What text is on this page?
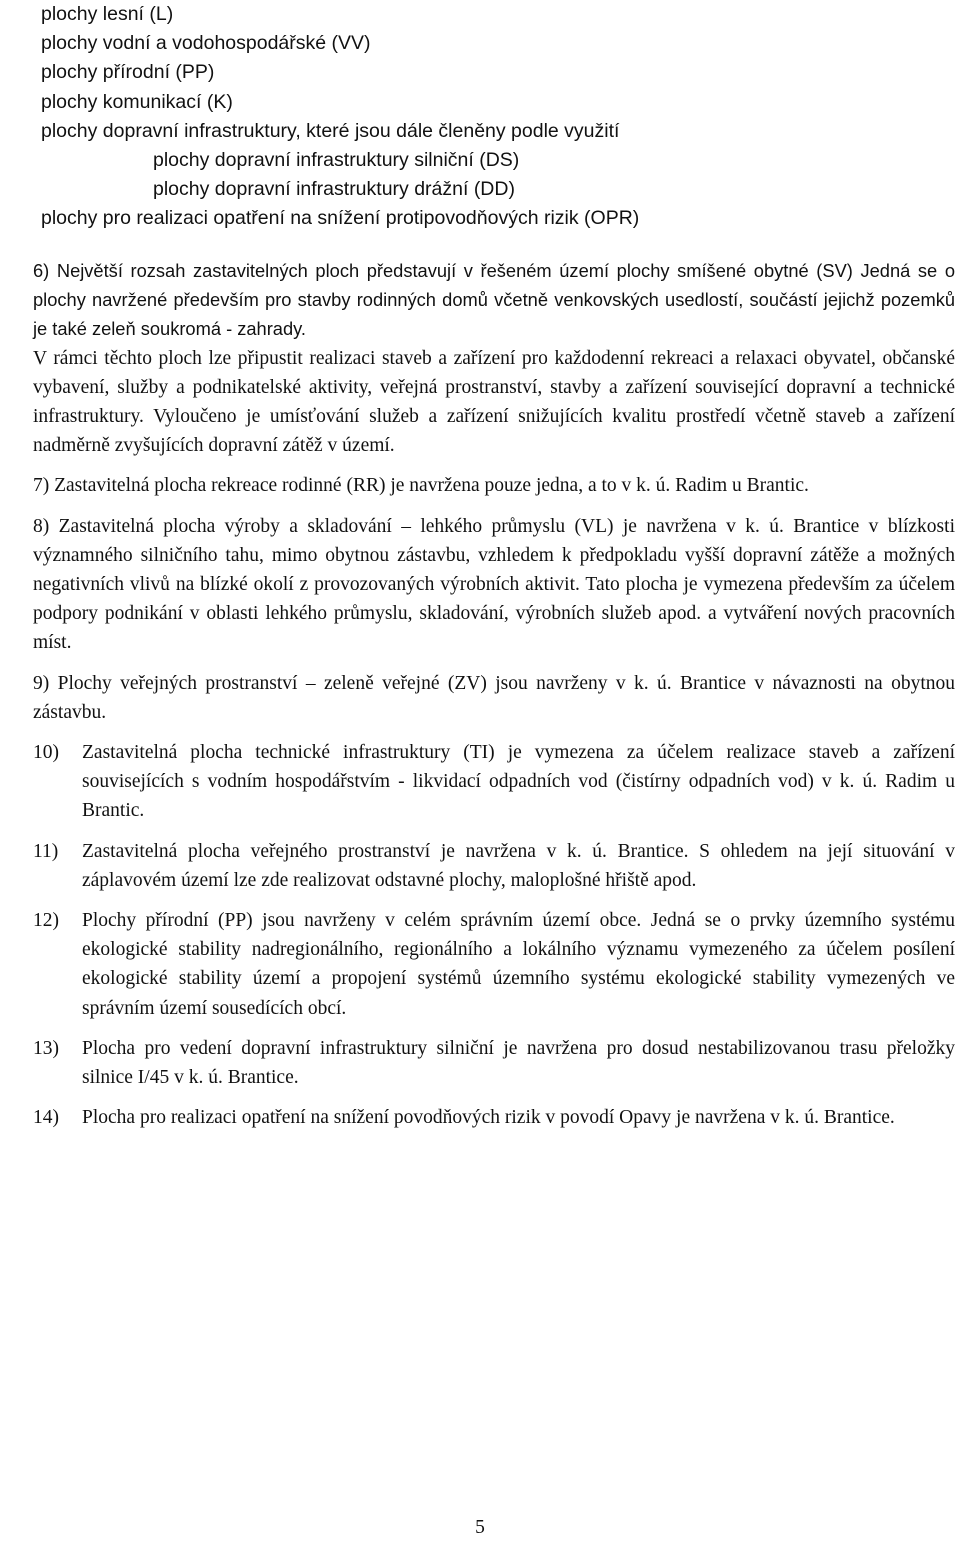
plochy lesní (L)
plochy vodní a vodohospodářské (VV)
plochy přírodní (PP)
plochy komunikací (K)
plochy dopravní infrastruktury, které jsou dále členěny podle využití
plochy dopravní infrastruktury silniční (DS)
plochy dopravní infrastruktury drážní (DD)
plochy pro realizaci opatření na snížení protipovodňových rizik (OPR)
6) Největší rozsah zastavitelných ploch představují v řešeném území plochy smíšené obytné (SV) Jedná se o plochy navržené především pro stavby rodinných domů včetně venkovských usedlostí, součástí jejichž pozemků je také zeleň soukromá - zahrady.
V rámci těchto ploch lze připustit realizaci staveb a zařízení pro každodenní rekreaci a relaxaci obyvatel, občanské vybavení, služby a podnikatelské aktivity, veřejná prostranství, stavby a zařízení související dopravní a technické infrastruktury. Vyloučeno je umísťování služeb a zařízení snižujících kvalitu prostředí včetně staveb a zařízení nadměrně zvyšujících dopravní zátěž v území.
7) Zastavitelná plocha rekreace rodinné (RR) je navržena pouze jedna, a to v k. ú. Radim u Brantic.
8) Zastavitelná plocha výroby a skladování – lehkého průmyslu (VL) je navržena v k. ú. Brantice v blízkosti významného silničního tahu, mimo obytnou zástavbu, vzhledem k předpokladu vyšší dopravní zátěže a možných negativních vlivů na blízké okolí z provozovaných výrobních aktivit. Tato plocha je vymezena především za účelem podpory podnikání v oblasti lehkého průmyslu, skladování, výrobních služeb apod. a vytváření nových pracovních míst.
9) Plochy veřejných prostranství – zeleně veřejné (ZV) jsou navrženy v k. ú. Brantice v návaznosti na obytnou zástavbu.
10)	Zastavitelná plocha technické infrastruktury (TI) je vymezena za účelem realizace staveb a zařízení souvisejících s vodním hospodářstvím - likvidací odpadních vod (čistírny odpadních vod) v k. ú. Radim u Brantic.
11)	Zastavitelná plocha veřejného prostranství je navržena v k. ú. Brantice. S ohledem na její situování v záplavovém území lze zde realizovat odstavné plochy, maloplošné hřiště apod.
12)	Plochy přírodní (PP) jsou navrženy v celém správním území obce. Jedná se o prvky územního systému ekologické stability nadregionálního, regionálního a lokálního významu vymezeného za účelem posílení ekologické stability území a propojení systémů územního systému ekologické stability vymezených ve správním území sousedících obcí.
13)	Plocha pro vedení dopravní infrastruktury silniční je navržena pro dosud nestabilizovanou trasu přeložky silnice I/45 v k. ú. Brantice.
14)	Plocha pro realizaci opatření na snížení povodňových rizik v povodí Opavy je navržena v k. ú. Brantice.
5
